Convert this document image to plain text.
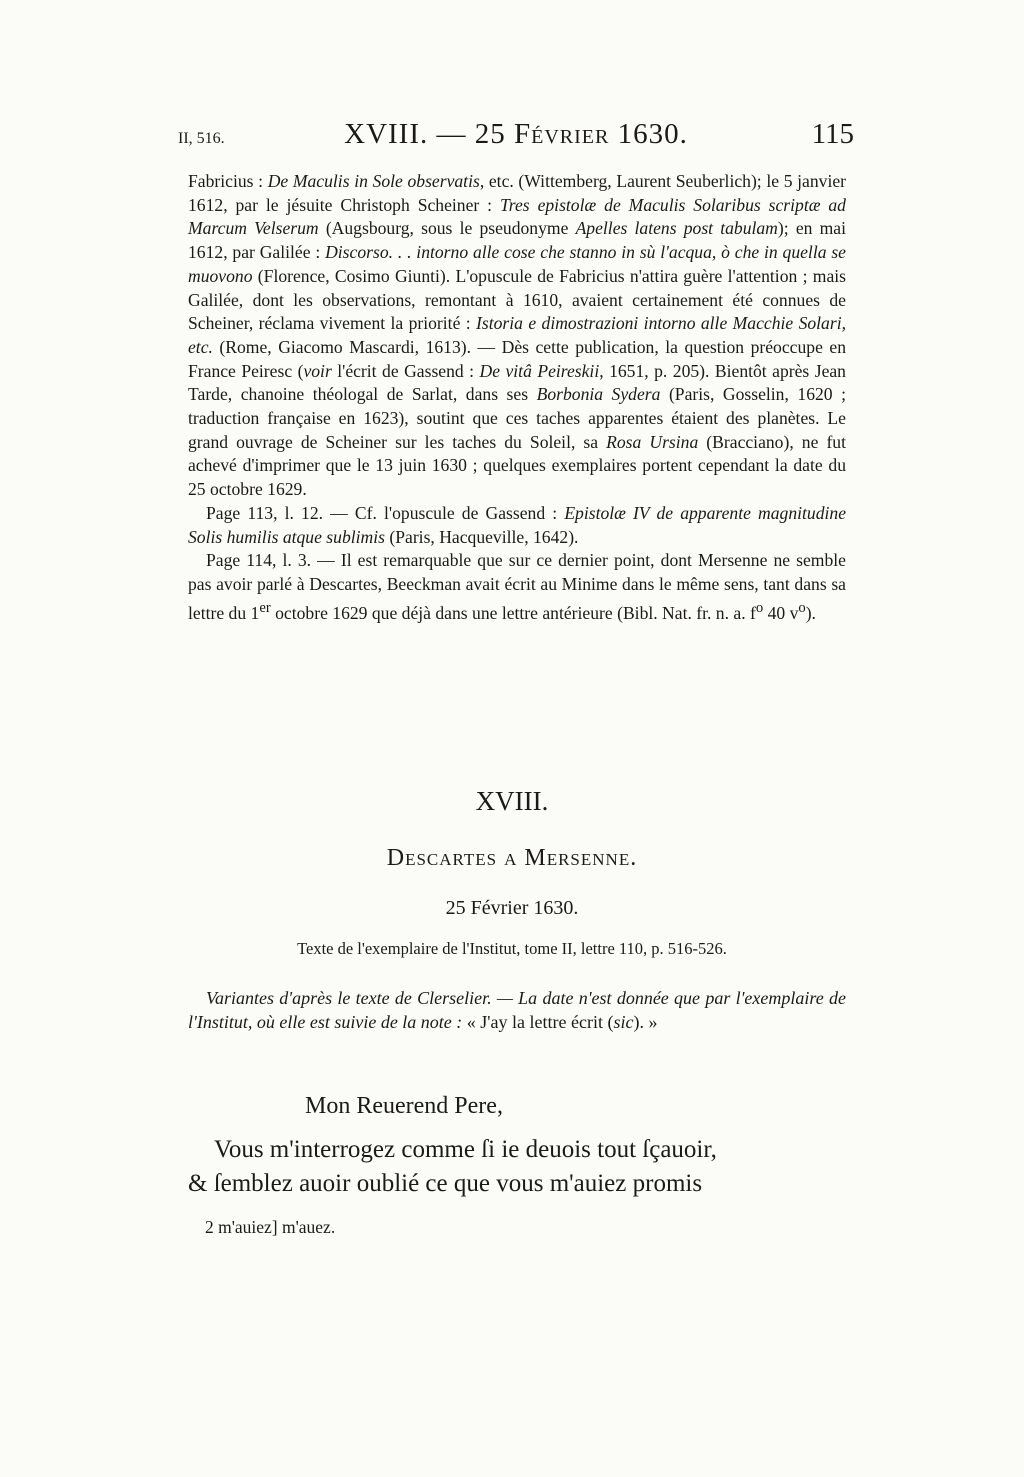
II, 516.	XVIII. — 25 Février 1630.	115

Fabricius : De Maculis in Sole observatis, etc. (Wittemberg, Laurent Seuberlich); le 5 janvier 1612, par le jésuite Christoph Scheiner : Tres epistolæ de Maculis Solaribus scriptæ ad Marcum Velserum (Augsbourg, sous le pseudonyme Apelles latens post tabulam); en mai 1612, par Galilée : Discorso. . . intorno alle cose che stanno in sù l'acqua, ò che in quella se muovono (Florence, Cosimo Giunti). L'opuscule de Fabricius n'attira guère l'attention ; mais Galilée, dont les observations, remontant à 1610, avaient certainement été connues de Scheiner, réclama vivement la priorité : Istoria e dimostrazioni intorno alle Macchie Solari, etc. (Rome, Giacomo Mascardi, 1613). — Dès cette publication, la question préoccupe en France Peiresc (voir l'écrit de Gassend : De vitâ Peireskii, 1651, p. 205). Bientôt après Jean Tarde, chanoine théologal de Sarlat, dans ses Borbonia Sydera (Paris, Gosselin, 1620 ; traduction française en 1623), soutint que ces taches apparentes étaient des planètes. Le grand ouvrage de Scheiner sur les taches du Soleil, sa Rosa Ursina (Bracciano), ne fut achevé d'imprimer que le 13 juin 1630 ; quelques exemplaires portent cependant la date du 25 octobre 1629.

Page 113, l. 12. — Cf. l'opuscule de Gassend : Epistolæ IV de apparente magnitudine Solis humilis atque sublimis (Paris, Hacqueville, 1642).

Page 114, l. 3. — Il est remarquable que sur ce dernier point, dont Mersenne ne semble pas avoir parlé à Descartes, Beeckman avait écrit au Minime dans le même sens, tant dans sa lettre du 1er octobre 1629 que déjà dans une lettre antérieure (Bibl. Nat. fr. n. a. $f^o$ 40 $v^o$).

XVIII.
Descartes a Mersenne.
25 Février 1630.
Texte de l'exemplaire de l'Institut, tome II, lettre 110, p. 516-526.

Variantes d'après le texte de Clerselier. — La date n'est donnée que par l'exemplaire de l'Institut, où elle est suivie de la note : « J'ay la lettre écrit (sic). »

Mon Reuerend Pere,

Vous m'interrogez comme ſi ie deuois tout ſçauoir,

& ſemblez auoir oublié ce que vous m'auiez promis

2 m'auiez] m'auez.
